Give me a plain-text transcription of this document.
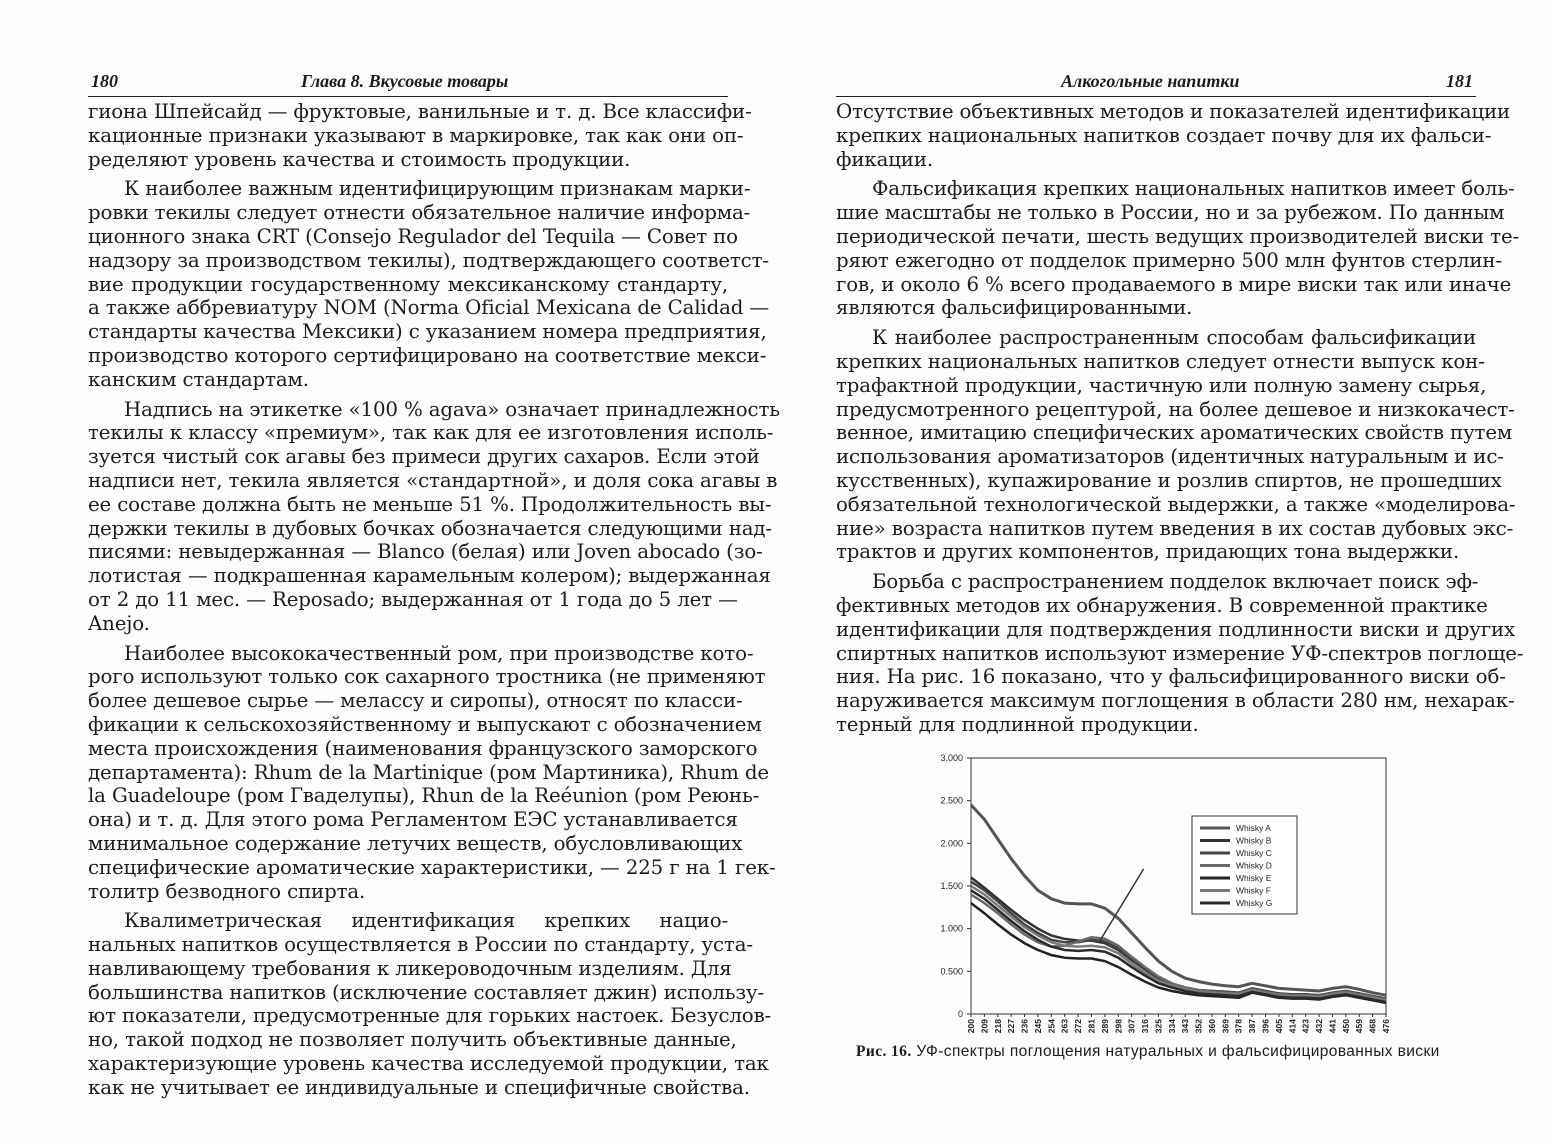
180	Глава 8. Вкусовые товары
гиона Шпейсайд — фруктовые, ванильные и т. д. Все классифи-
кационные признаки указывают в маркировке, так как они оп-
ределяют уровень качества и стоимость продукции.
К наиболее важным идентифицирующим признакам марки-
ровки текилы следует отнести обязательное наличие информа-
ционного знака CRT (Consejo Regulador del Tequila — Совет по
надзору за производством текилы), подтверждающего соответст-
вие продукции государственному мексиканскому стандарту,
а также аббревиатуру NOM (Norma Oficial Mexicana de Calidad —
стандарты качества Мексики) с указанием номера предприятия,
производство которого сертифицировано на соответствие мекси-
канским стандартам.
Надпись на этикетке «100 % agava» означает принадлежность
текилы к классу «премиум», так как для ее изготовления исполь-
зуется чистый сок агавы без примеси других сахаров. Если этой
надписи нет, текила является «стандартной», и доля сока агавы в
ее составе должна быть не меньше 51 %. Продолжительность вы-
держки текилы в дубовых бочках обозначается следующими над-
писями: невыдержанная — Blanco (белая) или Joven abocado (зо-
лотистая — подкрашенная карамельным колером); выдержанная
от 2 до 11 мес. — Reposado; выдержанная от 1 года до 5 лет —
Anejo.
Наиболее высококачественный ром, при производстве кото-
рого используют только сок сахарного тростника (не применяют
более дешевое сырье — мелассу и сиропы), относят по класси-
фикации к сельскохозяйственному и выпускают с обозначением
места происхождения (наименования французского заморского
департамента): Rhum de la Martinique (ром Мартиника), Rhum de
la Guadeloupe (ром Гваделупы), Rhun de la Reéunion (ром Реюнь-
она) и т. д. Для этого рома Регламентом ЕЭС устанавливается
минимальное содержание летучих веществ, обусловливающих
специфические ароматические характеристики, — 225 г на 1 гек-
толитр безводного спирта.
Квалиметрическая идентификация крепких нацио-
нальных напитков осуществляется в России по стандарту, уста-
навливающему требования к ликероводочным изделиям. Для
большинства напитков (исключение составляет джин) использу-
ют показатели, предусмотренные для горьких настоек. Безуслов-
но, такой подход не позволяет получить объективные данные,
характеризующие уровень качества исследуемой продукции, так
как не учитывает ее индивидуальные и специфичные свойства.
Алкогольные напитки	181
Отсутствие объективных методов и показателей идентификации
крепких национальных напитков создает почву для их фальси-
фикации.
Фальсификация крепких национальных напитков имеет боль-
шие масштабы не только в России, но и за рубежом. По данным
периодической печати, шесть ведущих производителей виски те-
ряют ежегодно от подделок примерно 500 млн фунтов стерлин-
гов, и около 6 % всего продаваемого в мире виски так или иначе
являются фальсифицированными.
К наиболее распространенным способам фальсификации
крепких национальных напитков следует отнести выпуск кон-
трафактной продукции, частичную или полную замену сырья,
предусмотренного рецептурой, на более дешевое и низкокачест-
венное, имитацию специфических ароматических свойств путем
использования ароматизаторов (идентичных натуральным и ис-
кусственных), купажирование и розлив спиртов, не прошедших
обязательной технологической выдержки, а также «моделирова-
ние» возраста напитков путем введения в их состав дубовых экс-
трактов и других компонентов, придающих тона выдержки.
Борьба с распространением подделок включает поиск эф-
фективных методов их обнаружения. В современной практике
идентификации для подтверждения подлинности виски и других
спиртных напитков используют измерение УФ-спектров поглоще-
ния. На рис. 16 показано, что у фальсифицированного виски об-
наруживается максимум поглощения в области 280 нм, нехарак-
терный для подлинной продукции.
3.000
2.500
2.000
1.500
1.000
0.500
0
200 209 218 227 236 245 254 263 272 281 289 298 307 316 325 334 343 352 360 369 378 387 396 405 414 423 432 441 450 459 468 476
Whisky A
Whisky B
Whisky C
Whisky D
Whisky E
Whisky F
Whisky G
Рис. 16. УФ-спектры поглощения натуральных и фальсифицированных виски
